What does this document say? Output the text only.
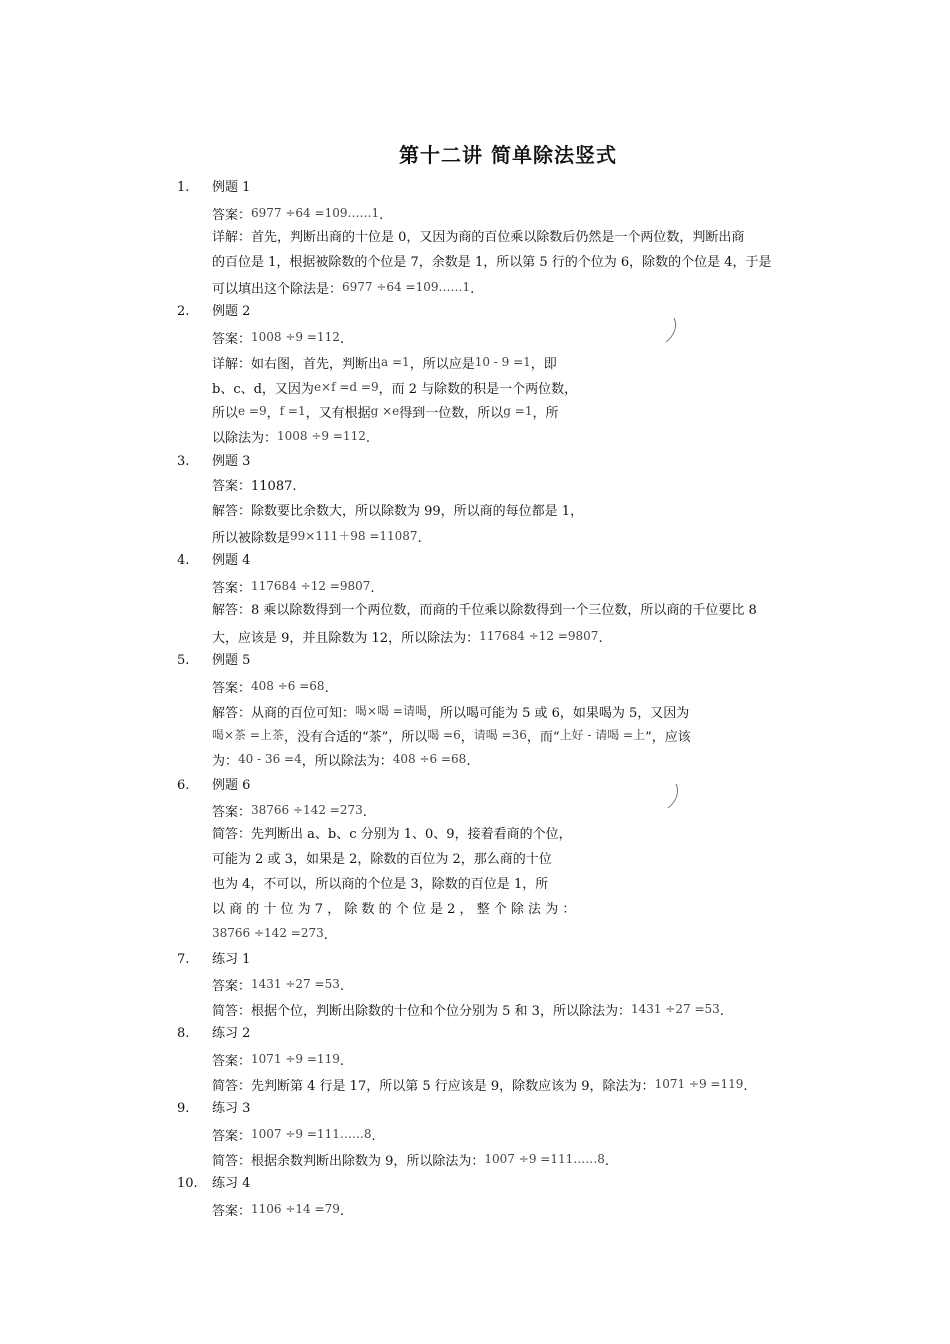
第十二讲 简单除法竖式
1. 例题 1
答案：6977 ÷64 =109……1.
详解：首先，判断出商的十位是 0，又因为商的百位乘以除数后仍然是一个两位数，判断出商
的百位是 1，根据被除数的个位是 7，余数是 1，所以第 5 行的个位为 6，除数的个位是 4，于是
可以填出这个除法是：6977 ÷64 =109……1.
2. 例题 2
答案：1008 ÷9 =112.
详解：如右图，首先，判断出a =1，所以应是10 - 9 =1，即
b、c、d，又因为e×f =d =9，而 2 与除数的积是一个两位数，
所以e =9，f =1，又有根据g ×e得到一位数，所以g =1，所
以除法为：1008 ÷9 =112.
3. 例题 3
答案：11087.
解答：除数要比余数大，所以除数为 99，所以商的每位都是 1，
所以被除数是99×111＋98 =11087.
4. 例题 4
答案：117684 ÷12 =9807.
解答：8 乘以除数得到一个两位数，而商的千位乘以除数得到一个三位数，所以商的千位要比 8
大，应该是 9，并且除数为 12，所以除法为：117684 ÷12 =9807.
5. 例题 5
答案：408 ÷6 =68.
解答：从商的百位可知：喝×喝 =请喝，所以喝可能为 5 或 6，如果喝为 5，又因为
喝×茶 =上茶，没有合适的“茶”，所以喝 =6，请喝 =36，而“上好 - 请喝 =上”，应该
为：40 - 36 =4，所以除法为：408 ÷6 =68.
6. 例题 6
答案：38766 ÷142 =273.
简答：先判断出 a、b、c 分别为 1、0、9，接着看商的个位，
可能为 2 或 3，如果是 2，除数的百位为 2，那么商的十位
也为 4，不可以，所以商的个位是 3，除数的百位是 1，所
以 商 的 十 位 为 7 ， 除 数 的 个 位 是 2 ， 整 个 除 法 为 ：
38766 ÷142 =273.
7. 练习 1
答案：1431 ÷27 =53.
简答：根据个位，判断出除数的十位和个位分别为 5 和 3，所以除法为：1431 ÷27 =53.
8. 练习 2
答案：1071 ÷9 =119.
简答：先判断第 4 行是 17，所以第 5 行应该是 9，除数应该为 9，除法为：1071 ÷9 =119.
9. 练习 3
答案：1007 ÷9 =111……8.
简答：根据余数判断出除数为 9，所以除法为：1007 ÷9 =111……8.
10. 练习 4
答案：1106 ÷14 =79.
